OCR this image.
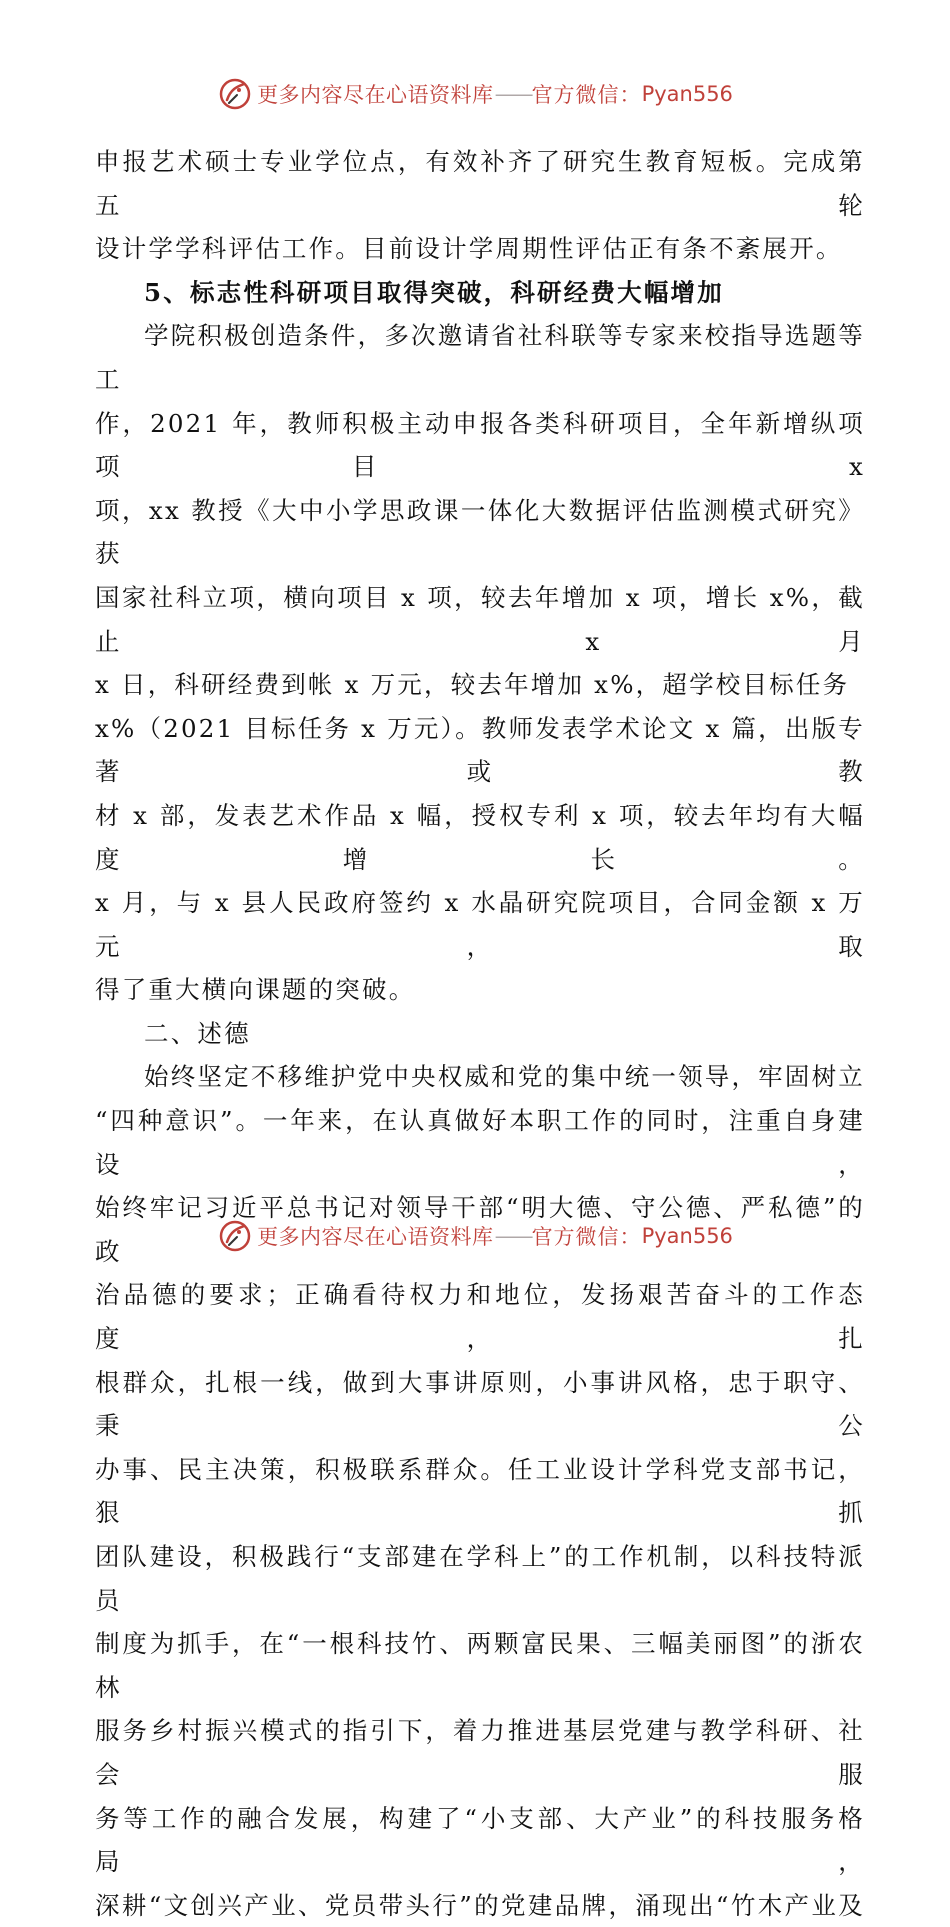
更多内容尽在心语资料库 —— 官方微信： Pyan556

申报艺术硕士专业学位点，有效补齐了研究生教育短板。完成第五轮

设计学学科评估工作。目前设计学周期性评估正有条不紊展开。

5、标志性科研项目取得突破，科研经费大幅增加

学院积极创造条件，多次邀请省社科联等专家来校指导选题等工

作，2021 年，教师积极主动申报各类科研项目，全年新增纵项项目 x

项，xx 教授《大中小学思政课一体化大数据评估监测模式研究》获

国家社科立项，横向项目 x 项，较去年增加 x 项，增长 x%，截止 x 月

x 日，科研经费到帐 x 万元，较去年增加 x%，超学校目标任务

x%（2021 目标任务 x 万元）。教师发表学术论文 x 篇，出版专著或教

材 x 部，发表艺术作品 x 幅，授权专利 x 项，较去年均有大幅度增长。

x 月，与 x 县人民政府签约 x 水晶研究院项目，合同金额 x 万元，取

得了重大横向课题的突破。

二、述德

始终坚定不移维护党中央权威和党的集中统一领导，牢固树立

“四种意识”。一年来，在认真做好本职工作的同时，注重自身建设，

始终牢记习近平总书记对领导干部“明大德、守公德、严私德”的政

治品德的要求；正确看待权力和地位，发扬艰苦奋斗的工作态度，扎

根群众，扎根一线，做到大事讲原则，小事讲风格，忠于职守、秉公

办事、民主决策，积极联系群众。任工业设计学科党支部书记，狠抓

团队建设，积极践行“支部建在学科上”的工作机制，以科技特派员

制度为抓手，在“一根科技竹、两颗富民果、三幅美丽图”的浙农林

服务乡村振兴模式的指引下，着力推进基层党建与教学科研、社会服

务等工作的融合发展，构建了“小支部、大产业”的科技服务格局，

深耕“文创兴产业、党员带头行”的党建品牌，涌现出“竹木产业及

更多内容尽在心语资料库 —— 官方微信： Pyan556
